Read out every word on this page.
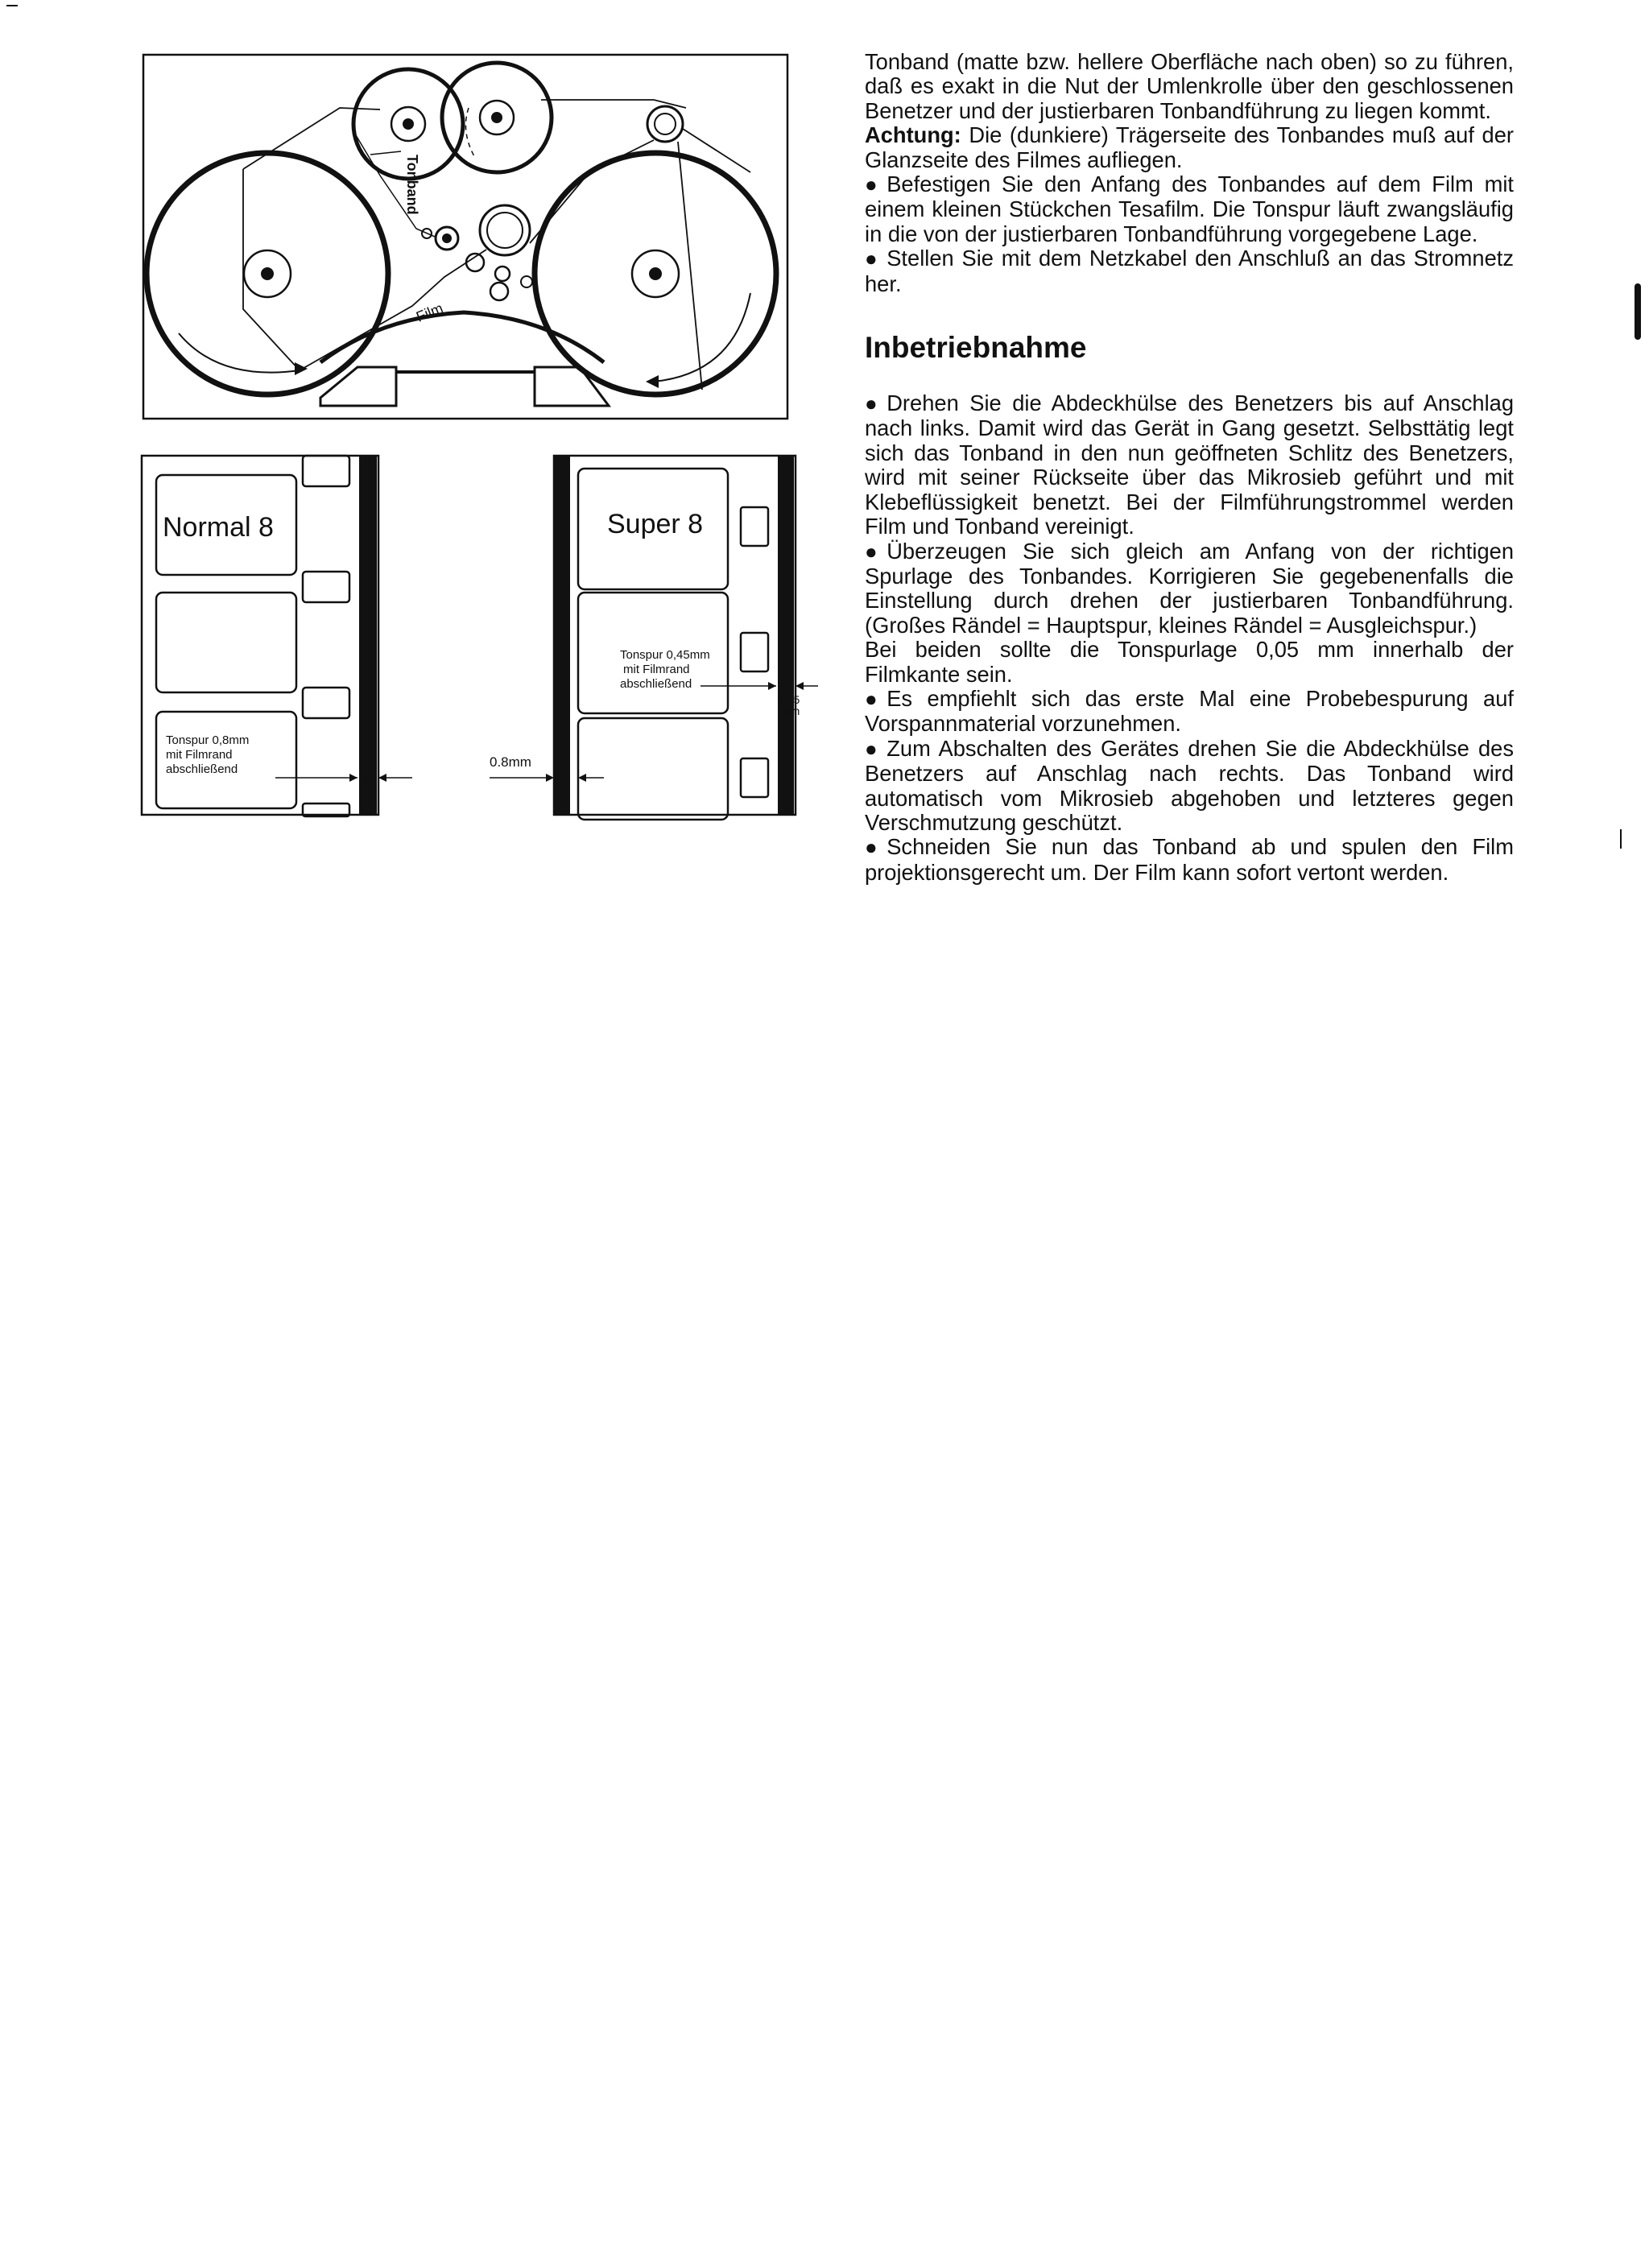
Tonband
Film
Normal 8
Tonspur 0,8mm
mit Filmrand
abschließend	0.8mm
Super 8
Tonspur 0,45mm
mit Filmrand
abschließend
0,45
mm

Tonband (matte bzw. hellere Oberfläche nach oben) so zu führen, daß es exakt in die Nut der Umlenkrolle über den geschlossenen Benetzer und der justierbaren Tonbandführung zu liegen kommt.

Achtung: Die (dunkiere) Trägerseite des Tonbandes muß auf der Glanzseite des Filmes aufliegen.

● Befestigen Sie den Anfang des Tonbandes auf dem Film mit einem kleinen Stückchen Tesafilm. Die Tonspur läuft zwangsläufig in die von der justierbaren Tonbandführung vorgegebene Lage.

● Stellen Sie mit dem Netzkabel den Anschluß an das Stromnetz her.

Inbetriebnahme

● Drehen Sie die Abdeckhülse des Benetzers bis auf Anschlag nach links. Damit wird das Gerät in Gang gesetzt. Selbsttätig legt sich das Tonband in den nun geöffneten Schlitz des Benetzers, wird mit seiner Rückseite über das Mikrosieb geführt und mit Klebeflüssigkeit benetzt. Bei der Filmführungstrommel werden Film und Tonband vereinigt.

● Überzeugen Sie sich gleich am Anfang von der richtigen Spurlage des Tonbandes. Korrigieren Sie gegebenenfalls die Einstellung durch drehen der justierbaren Tonbandführung. (Großes Rändel = Hauptspur, kleines Rändel = Ausgleichspur.)

Bei beiden sollte die Tonspurlage 0,05 mm innerhalb der Filmkante sein.

● Es empfiehlt sich das erste Mal eine Probebespurung auf Vorspannmaterial vorzunehmen.

● Zum Abschalten des Gerätes drehen Sie die Abdeckhülse des Benetzers auf Anschlag nach rechts. Das Tonband wird automatisch vom Mikrosieb abgehoben und letzteres gegen Verschmutzung geschützt.

● Schneiden Sie nun das Tonband ab und spulen den Film projektionsgerecht um. Der Film kann sofort vertont werden.
